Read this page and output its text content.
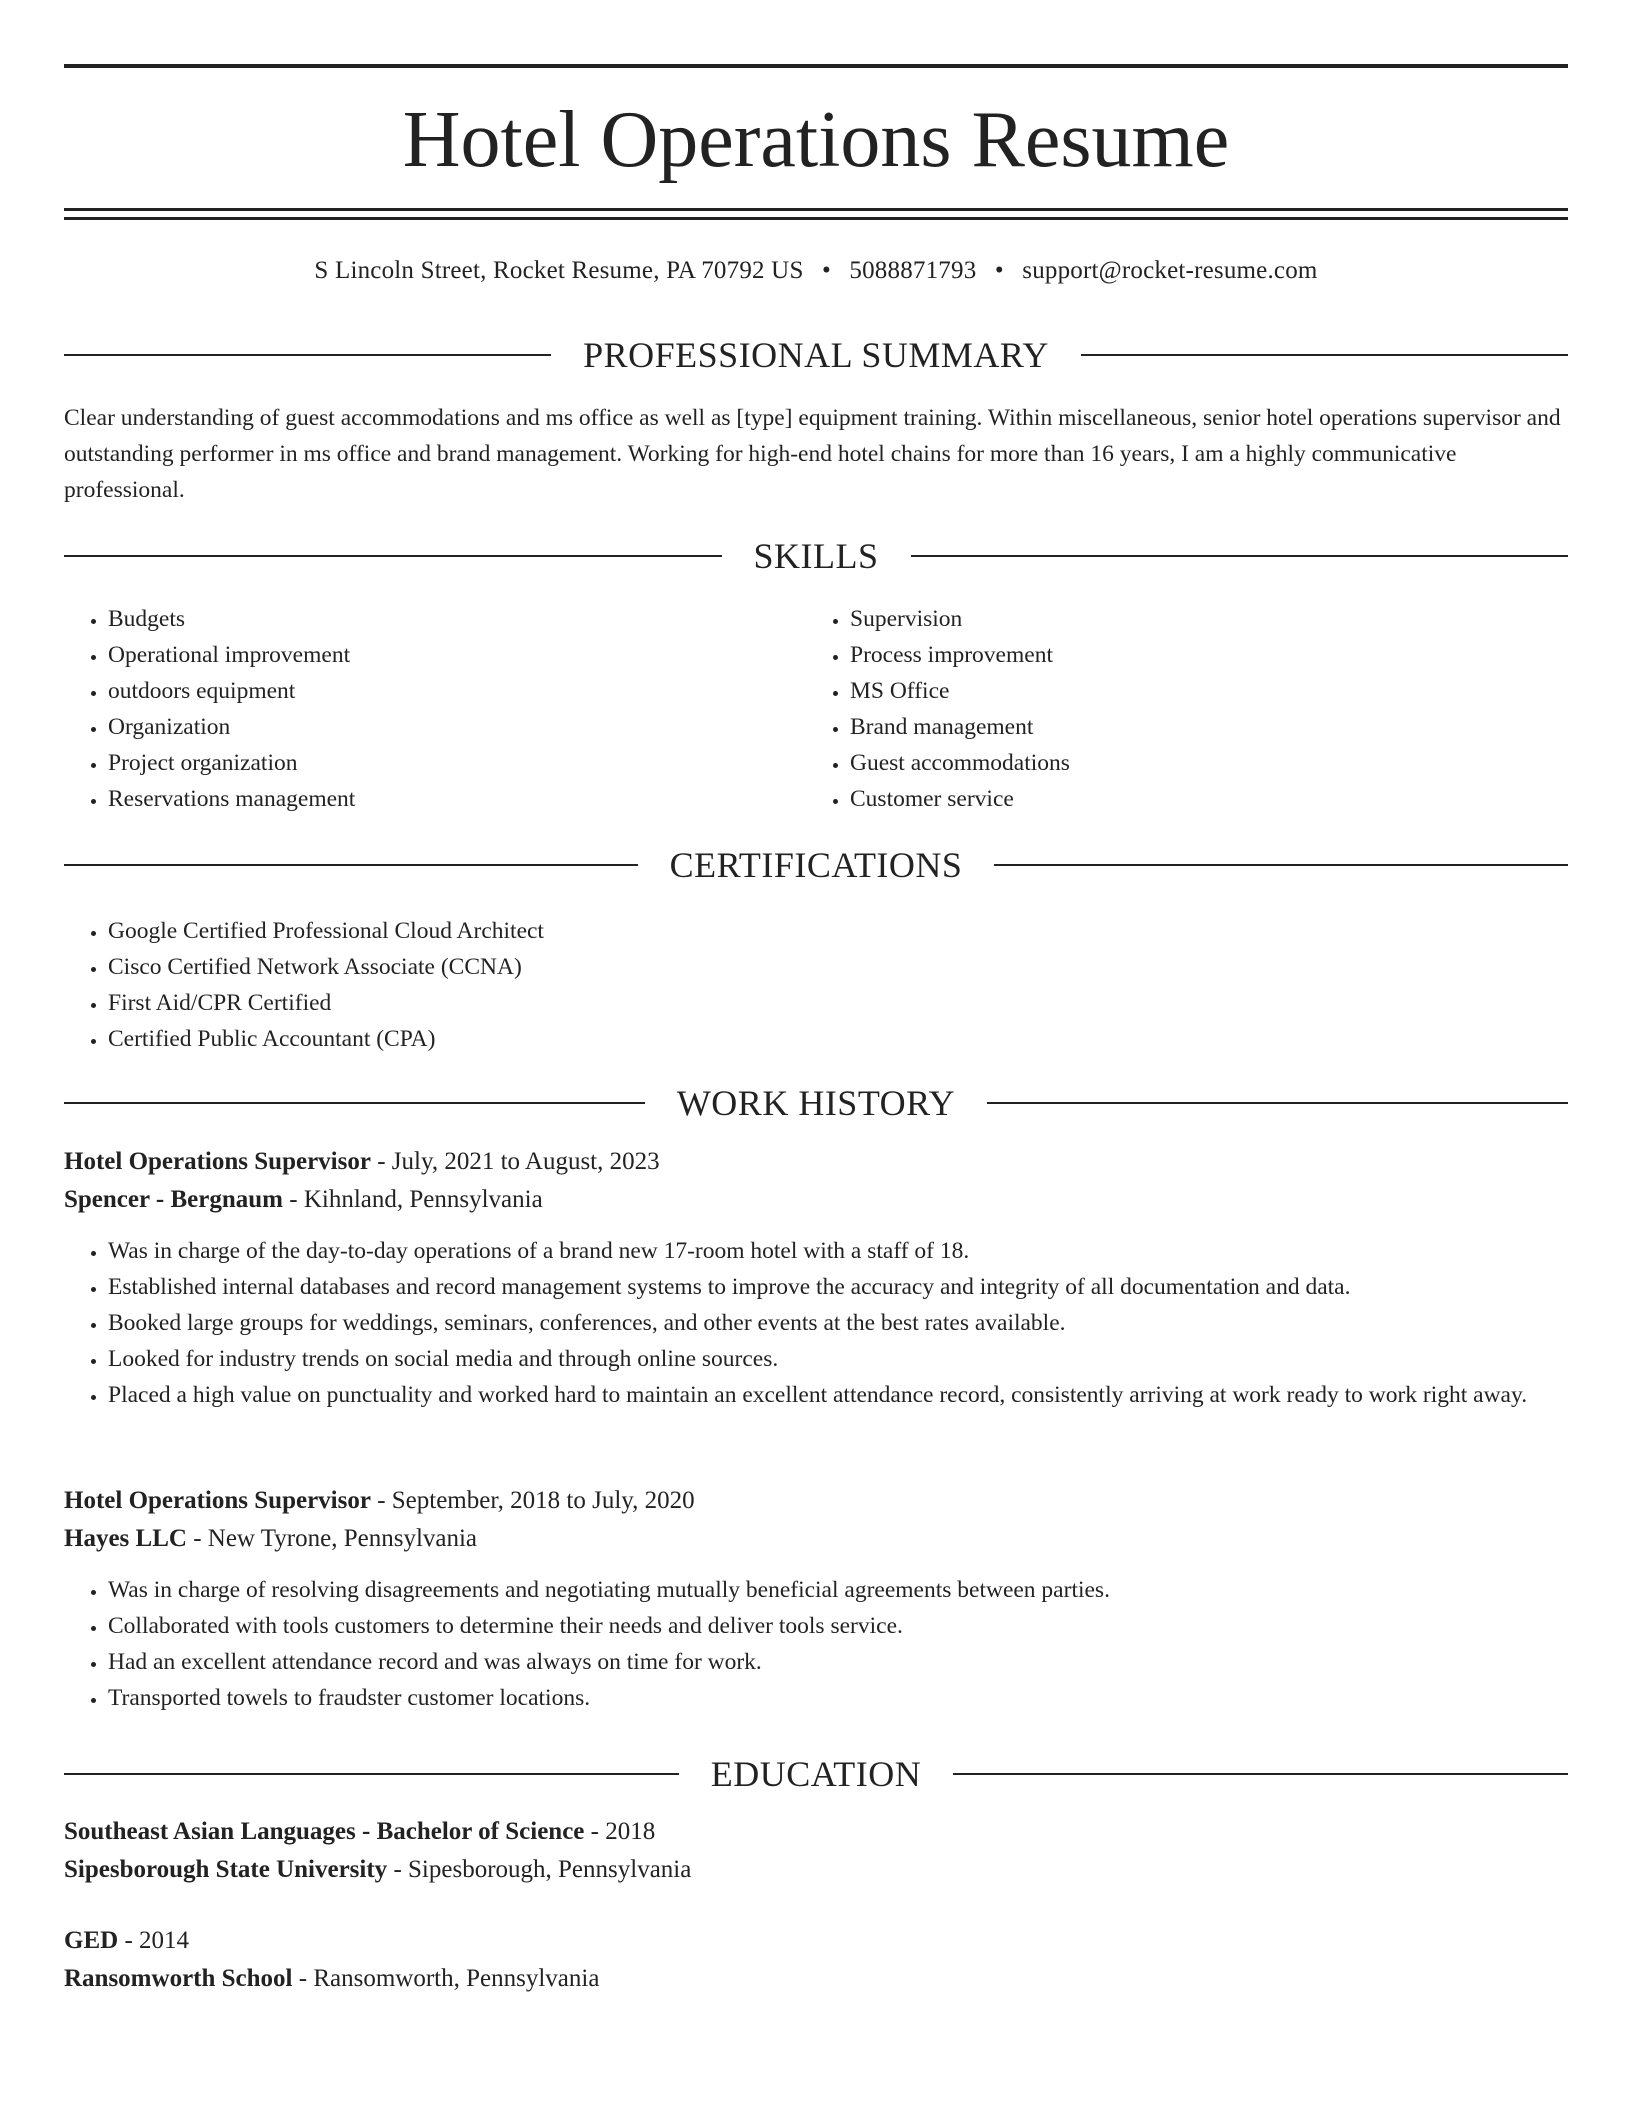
Hotel Operations Resume
S Lincoln Street, Rocket Resume, PA 70792 US • 5088871793 • support@rocket-resume.com
PROFESSIONAL SUMMARY

Clear understanding of guest accommodations and ms office as well as [type] equipment training. Within miscellaneous, senior hotel operations supervisor and outstanding performer in ms office and brand management. Working for high-end hotel chains for more than 16 years, I am a highly communicative professional.

SKILLS
• Budgets
• Operational improvement
• outdoors equipment
• Organization
• Project organization
• Reservations management
• Supervision
• Process improvement
• MS Office
• Brand management
• Guest accommodations
• Customer service
CERTIFICATIONS
• Google Certified Professional Cloud Architect
• Cisco Certified Network Associate (CCNA)
• First Aid/CPR Certified
• Certified Public Accountant (CPA)
WORK HISTORY
Hotel Operations Supervisor - July, 2021 to August, 2023
Spencer - Bergnaum - Kihnland, Pennsylvania
• Was in charge of the day-to-day operations of a brand new 17-room hotel with a staff of 18.
• Established internal databases and record management systems to improve the accuracy and integrity of all documentation and data.
• Booked large groups for weddings, seminars, conferences, and other events at the best rates available.
• Looked for industry trends on social media and through online sources.
• Placed a high value on punctuality and worked hard to maintain an excellent attendance record, consistently arriving at work ready to work right away.
Hotel Operations Supervisor - September, 2018 to July, 2020
Hayes LLC - New Tyrone, Pennsylvania
• Was in charge of resolving disagreements and negotiating mutually beneficial agreements between parties.
• Collaborated with tools customers to determine their needs and deliver tools service.
• Had an excellent attendance record and was always on time for work.
• Transported towels to fraudster customer locations.
EDUCATION
Southeast Asian Languages - Bachelor of Science - 2018
Sipesborough State University - Sipesborough, Pennsylvania
GED - 2014
Ransomworth School - Ransomworth, Pennsylvania
